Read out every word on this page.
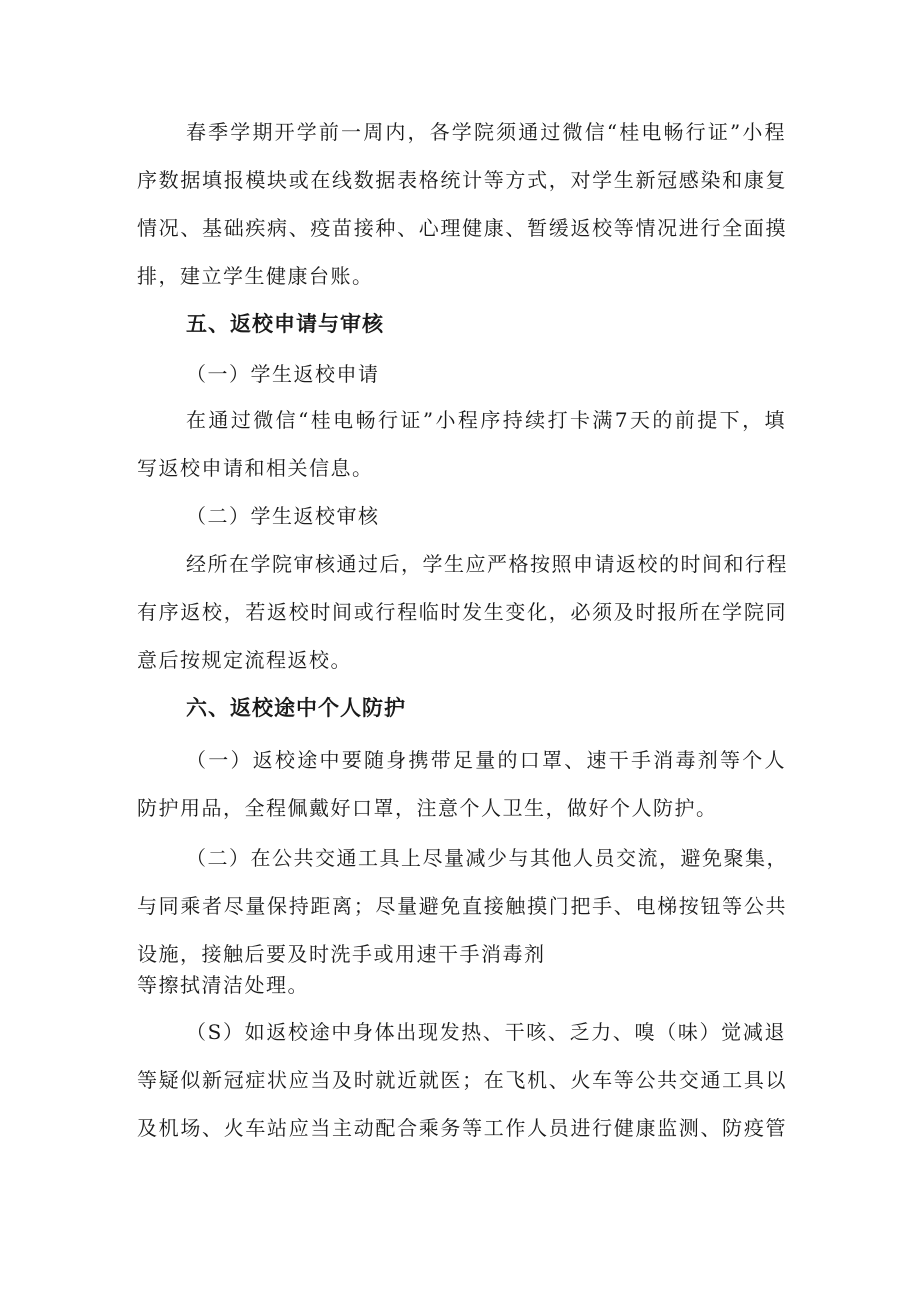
春季学期开学前一周内，各学院须通过微信“桂电畅行证”小程
序数据填报模块或在线数据表格统计等方式，对学生新冠感染和康复
情况、基础疾病、疫苗接种、心理健康、暂缓返校等情况进行全面摸
排，建立学生健康台账。
五、返校申请与审核
（一）学生返校申请
在通过微信“桂电畅行证”小程序持续打卡满7天的前提下，填
写返校申请和相关信息。
（二）学生返校审核
经所在学院审核通过后，学生应严格按照申请返校的时间和行程
有序返校，若返校时间或行程临时发生变化，必须及时报所在学院同
意后按规定流程返校。
六、返校途中个人防护
（一）返校途中要随身携带足量的口罩、速干手消毒剂等个人
防护用品，全程佩戴好口罩，注意个人卫生，做好个人防护。
（二）在公共交通工具上尽量减少与其他人员交流，避免聚集，
与同乘者尽量保持距离；尽量避免直接触摸门把手、电梯按钮等公共
设施，接触后要及时洗手或用速干手消毒剂
等擦拭清洁处理。
（S）如返校途中身体出现发热、干咳、乏力、嗅（味）觉减退
等疑似新冠症状应当及时就近就医；在飞机、火车等公共交通工具以
及机场、火车站应当主动配合乘务等工作人员进行健康监测、防疫管
